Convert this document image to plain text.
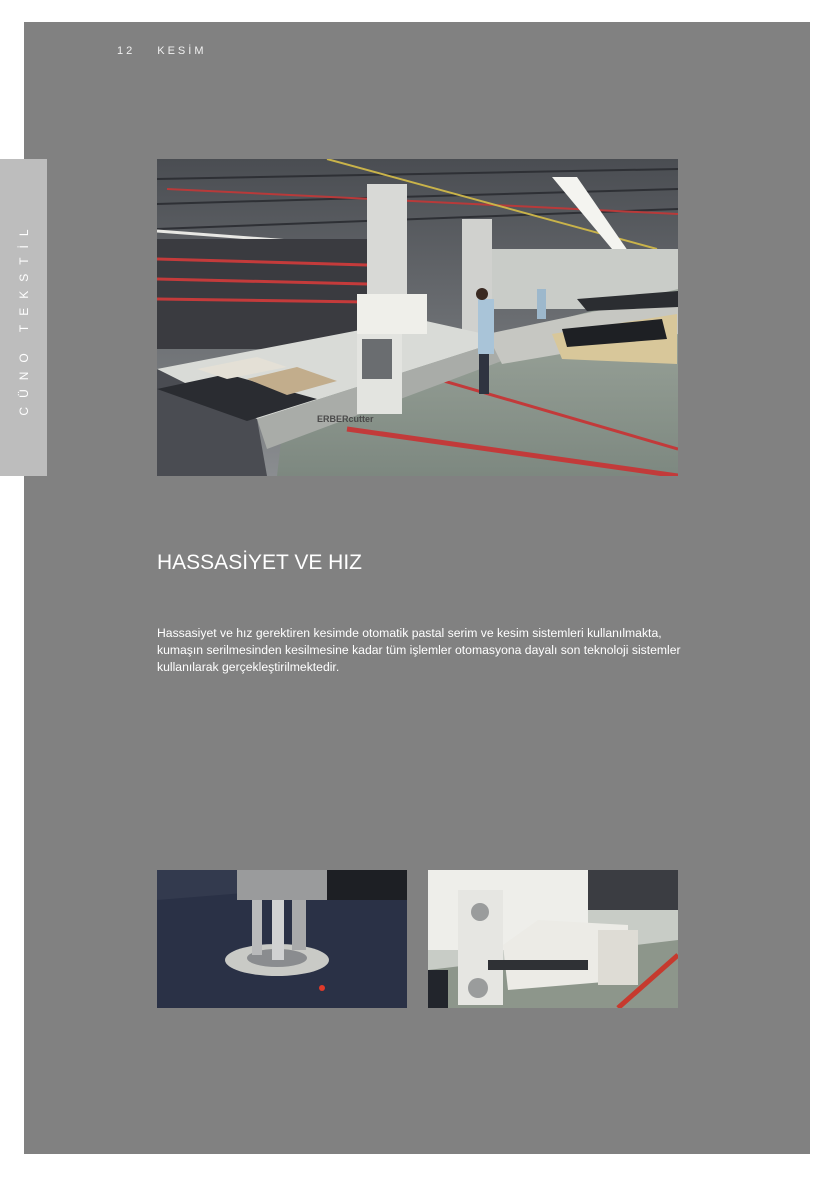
12 KESİM
CÜNO TEKSTİL
ERBERcutter
HASSASİYET VE HIZ

Hassasiyet ve hız gerektiren kesimde otomatik pastal serim ve kesim sistemleri kullanılmakta, kumaşın serilmesinden kesilmesine kadar tüm işlemler otomasyona dayalı son teknoloji sistemler kullanılarak gerçekleştirilmektedir.
